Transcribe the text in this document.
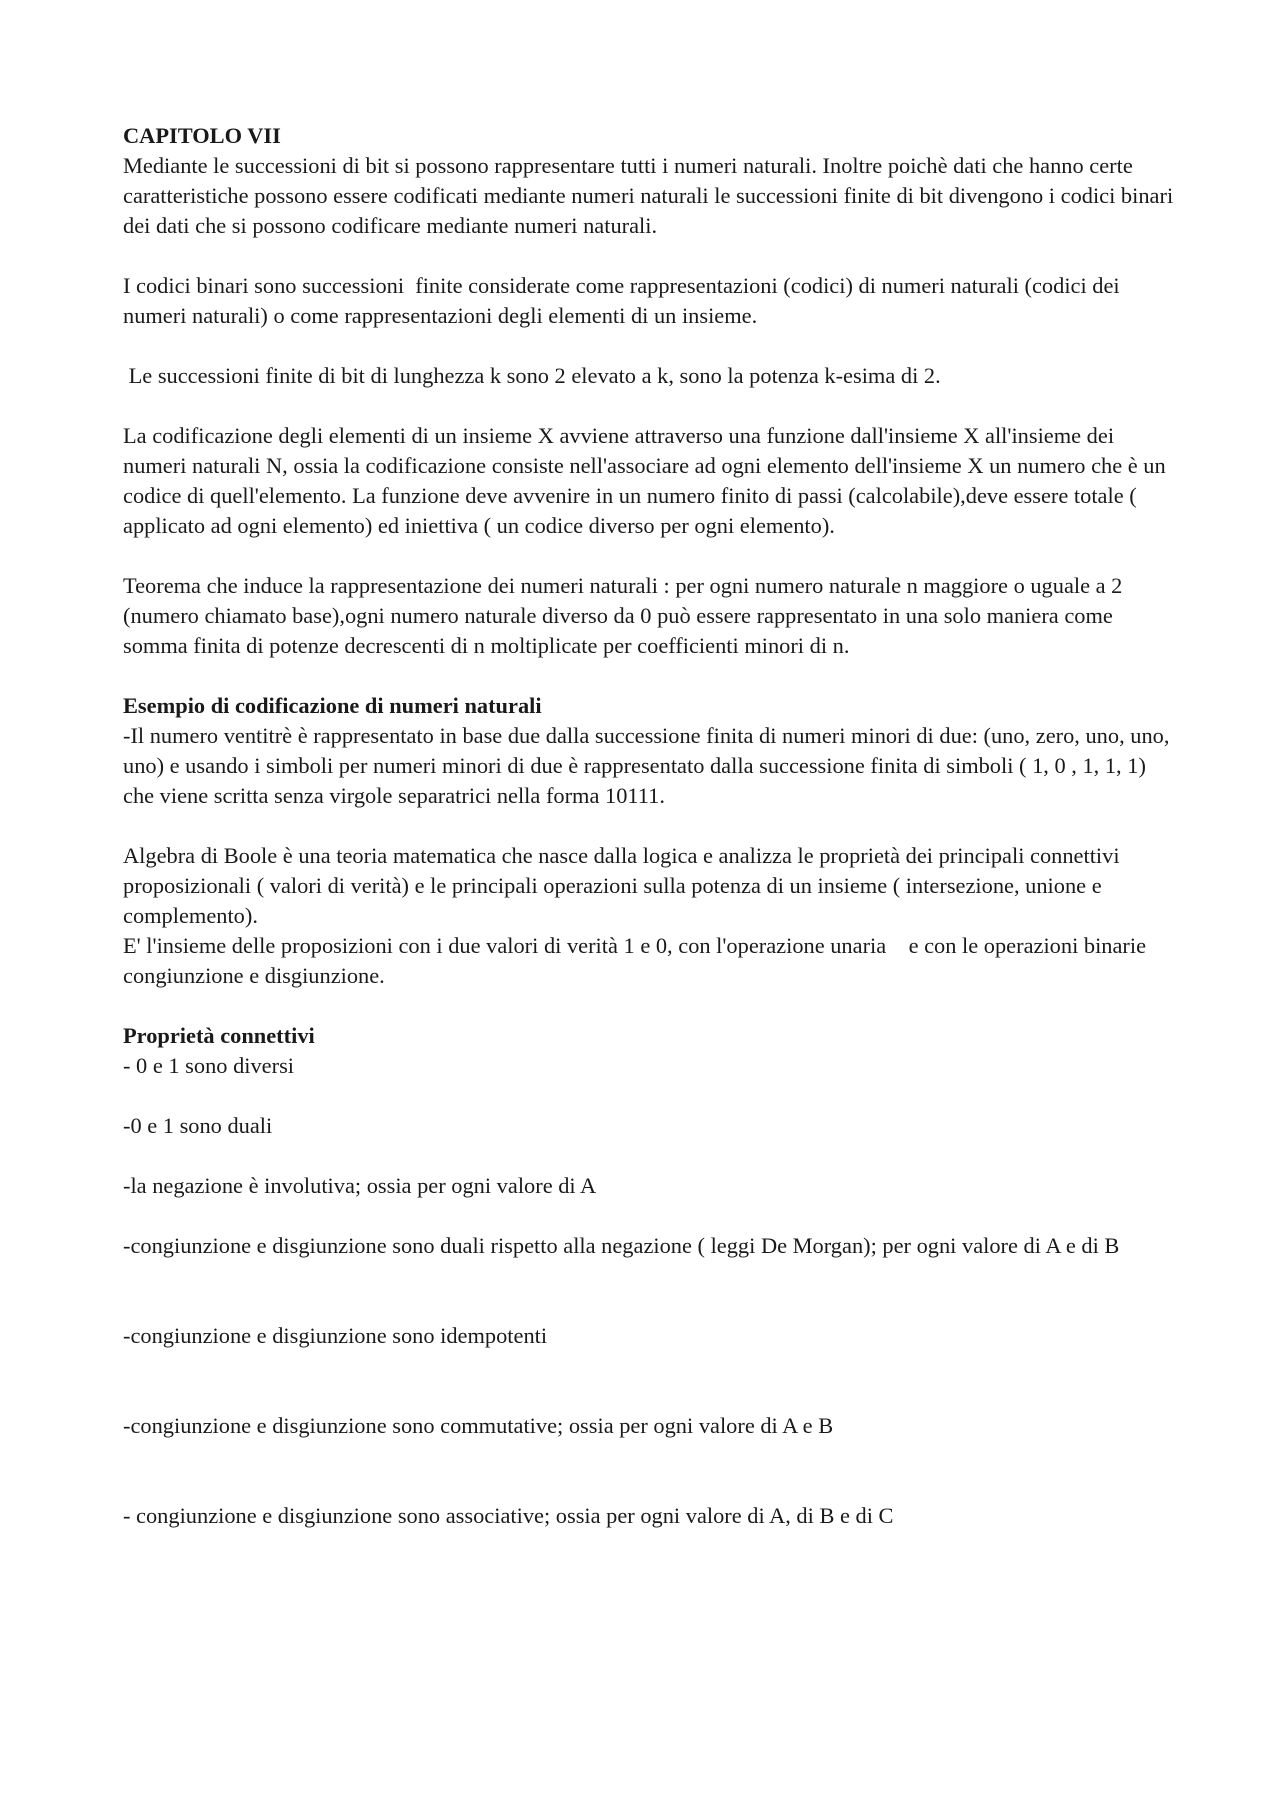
CAPITOLO VII

Mediante le successioni di bit si possono rappresentare tutti i numeri naturali. Inoltre poichè dati che hanno certe caratteristiche possono essere codificati mediante numeri naturali le successioni finite di bit divengono i codici binari dei dati che si possono codificare mediante numeri naturali.

I codici binari sono successioni  finite considerate come rappresentazioni (codici) di numeri naturali (codici dei numeri naturali) o come rappresentazioni degli elementi di un insieme.

Le successioni finite di bit di lunghezza k sono 2 elevato a k, sono la potenza k-esima di 2.

La codificazione degli elementi di un insieme X avviene attraverso una funzione dall'insieme X all'insieme dei numeri naturali N, ossia la codificazione consiste nell'associare ad ogni elemento dell'insieme X un numero che è un codice di quell'elemento. La funzione deve avvenire in un numero finito di passi (calcolabile),deve essere totale ( applicato ad ogni elemento) ed iniettiva ( un codice diverso per ogni elemento).

Teorema che induce la rappresentazione dei numeri naturali : per ogni numero naturale n maggiore o uguale a 2 (numero chiamato base),ogni numero naturale diverso da 0 può essere rappresentato in una solo maniera come somma finita di potenze decrescenti di n moltiplicate per coefficienti minori di n.

Esempio di codificazione di numeri naturali

-Il numero ventitrè è rappresentato in base due dalla successione finita di numeri minori di due: (uno, zero, uno, uno, uno) e usando i simboli per numeri minori di due è rappresentato dalla successione finita di simboli ( 1, 0 , 1, 1, 1)  che viene scritta senza virgole separatrici nella forma 10111.

Algebra di Boole è una teoria matematica che nasce dalla logica e analizza le proprietà dei principali connettivi proposizionali ( valori di verità) e le principali operazioni sulla potenza di un insieme ( intersezione, unione e complemento).

E' l'insieme delle proposizioni con i due valori di verità 1 e 0, con l'operazione unaria    e con le operazioni binarie congiunzione e disgiunzione.

Proprietà connettivi

- 0 e 1 sono diversi

-0 e 1 sono duali

-la negazione è involutiva; ossia per ogni valore di A

-congiunzione e disgiunzione sono duali rispetto alla negazione ( leggi De Morgan); per ogni valore di A e di B

-congiunzione e disgiunzione sono idempotenti

-congiunzione e disgiunzione sono commutative; ossia per ogni valore di A e B

- congiunzione e disgiunzione sono associative; ossia per ogni valore di A, di B e di C
